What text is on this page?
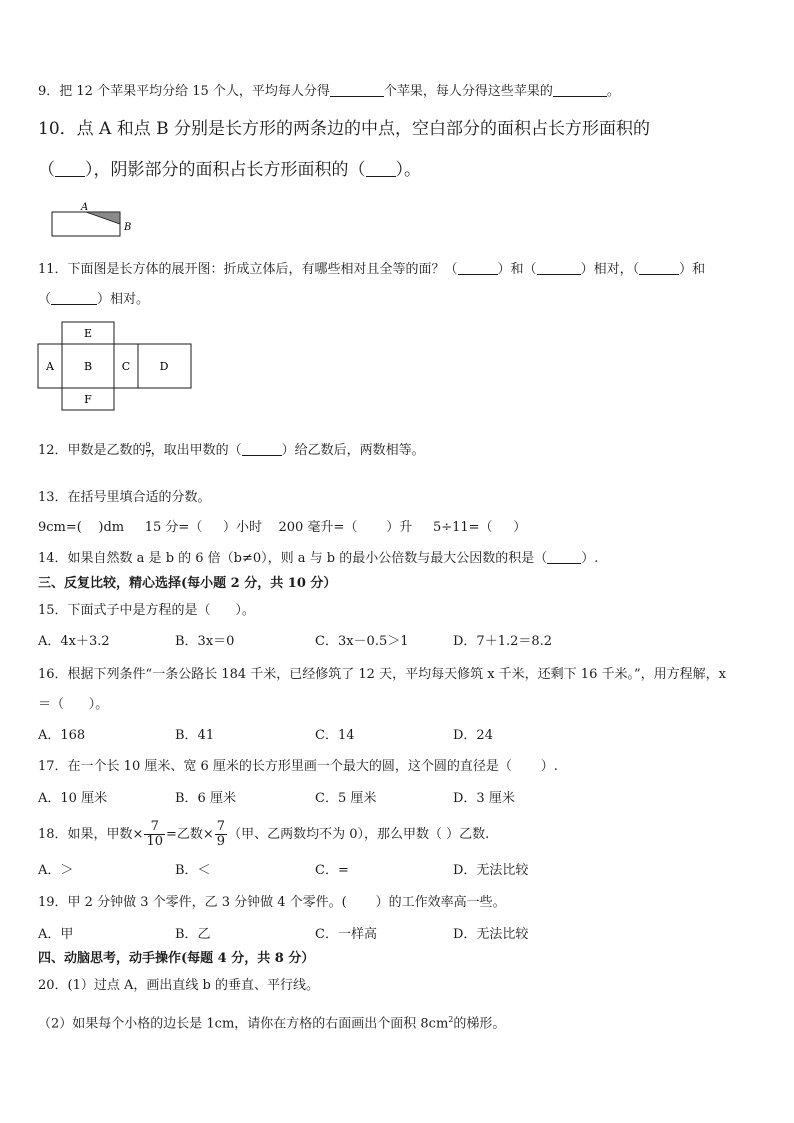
9．把 12 个苹果平均分给 15 个人，平均每人分得	个苹果，每人分得这些苹果的	。
10．点 A 和点 B 分别是长方形的两条边的中点，空白部分的面积占长方形面积的
（ ），阴影部分的面积占长方形面积的（ ）。
A
B
11．下面图是长方体的展开图：折成立体后，有哪些相对且全等的面？（	）和（	）相对，（	）和
（	）相对。
E
A	B	C	D
F
12．甲数是乙数的 $\frac{9}{7}$，取出甲数的（	）给乙数后，两数相等。
13．在括号里填合适的分数。
9cm=(    )dm     15 分=（     ）小时    200 毫升=（       ）升     5÷11=（     ）
14．如果自然数 a 是 b 的 6 倍（b≠0），则 a 与 b 的最小公倍数与最大公因数的积是（	）.
三、反复比较，精心选择(每小题 2 分，共 10 分）
15．下面式子中是方程的是（      ）。
A．4x＋3.2	B．3x＝0	C．3x－0.5＞1	D．7＋1.2＝8.2
16．根据下列条件“一条公路长 184 千米，已经修筑了 12 天，平均每天修筑 x 千米，还剩下 16 千米。”，用方程解，x
＝（      ）。
A．168	B．41	C．14	D．24
17．在一个长 10 厘米、宽 6 厘米的长方形里画一个最大的圆，这个圆的直径是（       ）.
A．10 厘米	B．6 厘米	C．5 厘米	D．3 厘米
18．如果，甲数× $\frac{7}{10}$ =乙数× $\frac{7}{9}$ （甲、乙两数均不为 0），那么甲数（ ）乙数.
A．＞	B．＜	C．=	D．无法比较
19．甲 2 分钟做 3 个零件，乙 3 分钟做 4 个零件。(       ）的工作效率高一些。
A．甲	B．乙	C．一样高	D．无法比较
四、动脑思考，动手操作(每题 4 分，共 8 分）
20．(1）过点 A，画出直线 b 的垂直、平行线。
（2）如果每个小格的边长是 1cm，请你在方格的右面画出个面积 $8cm^2$的梯形。
